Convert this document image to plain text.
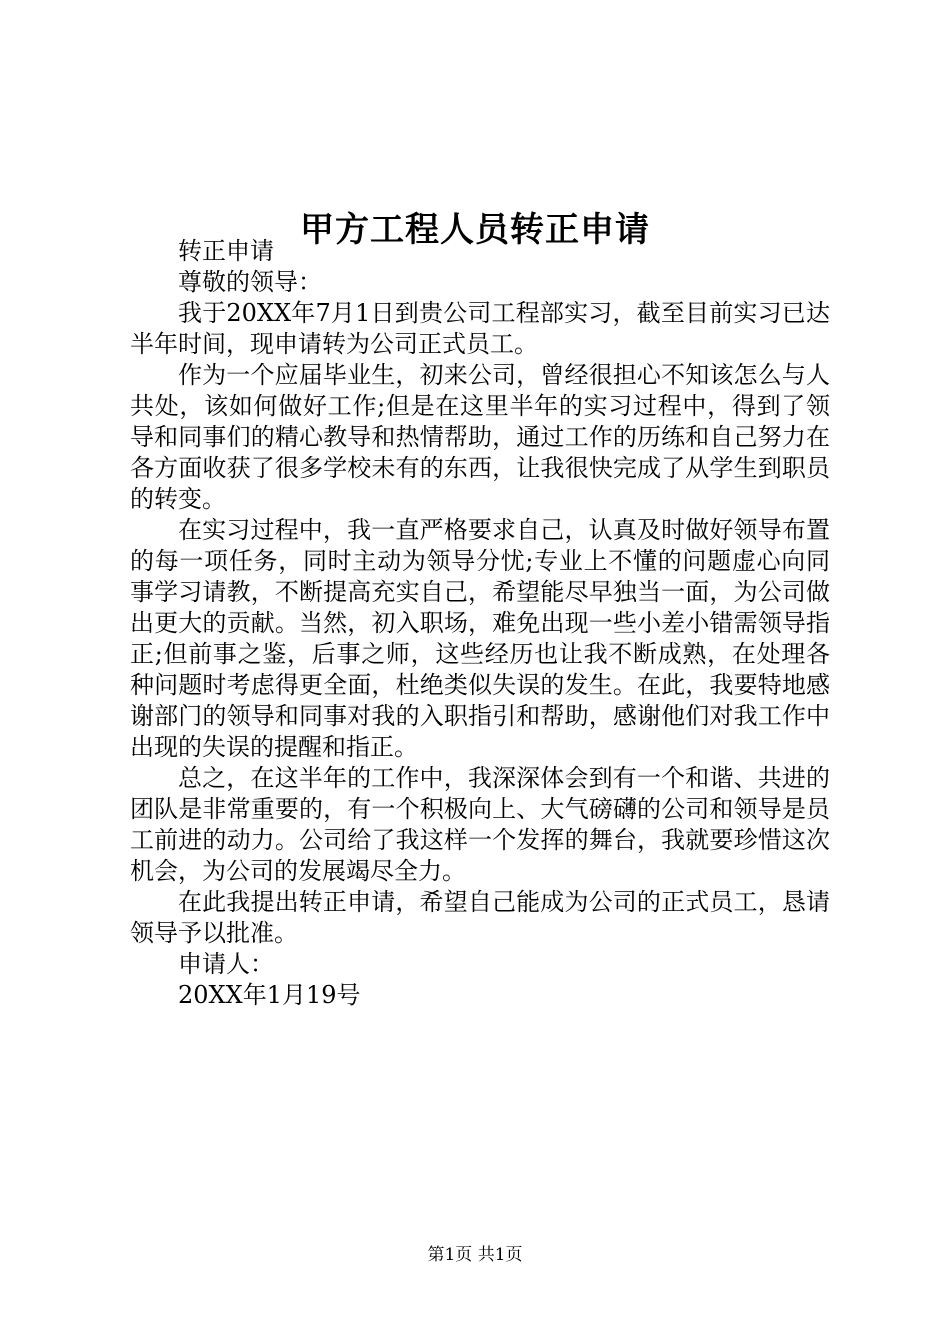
甲方工程人员转正申请

转正申请

尊敬的领导：

我于20XX年7月1日到贵公司工程部实习，截至目前实习已达半年时间，现申请转为公司正式员工。

作为一个应届毕业生，初来公司，曾经很担心不知该怎么与人共处，该如何做好工作;但是在这里半年的实习过程中，得到了领导和同事们的精心教导和热情帮助，通过工作的历练和自己努力在各方面收获了很多学校未有的东西，让我很快完成了从学生到职员的转变。

在实习过程中，我一直严格要求自己，认真及时做好领导布置的每一项任务，同时主动为领导分忧;专业上不懂的问题虚心向同事学习请教，不断提高充实自己，希望能尽早独当一面，为公司做出更大的贡献。当然，初入职场，难免出现一些小差小错需领导指正;但前事之鉴，后事之师，这些经历也让我不断成熟，在处理各种问题时考虑得更全面，杜绝类似失误的发生。在此，我要特地感谢部门的领导和同事对我的入职指引和帮助，感谢他们对我工作中出现的失误的提醒和指正。

总之，在这半年的工作中，我深深体会到有一个和谐、共进的团队是非常重要的，有一个积极向上、大气磅礴的公司和领导是员工前进的动力。公司给了我这样一个发挥的舞台，我就要珍惜这次机会，为公司的发展竭尽全力。

在此我提出转正申请，希望自己能成为公司的正式员工，恳请领导予以批准。

申请人：

20XX年1月19号

第1页 共1页
